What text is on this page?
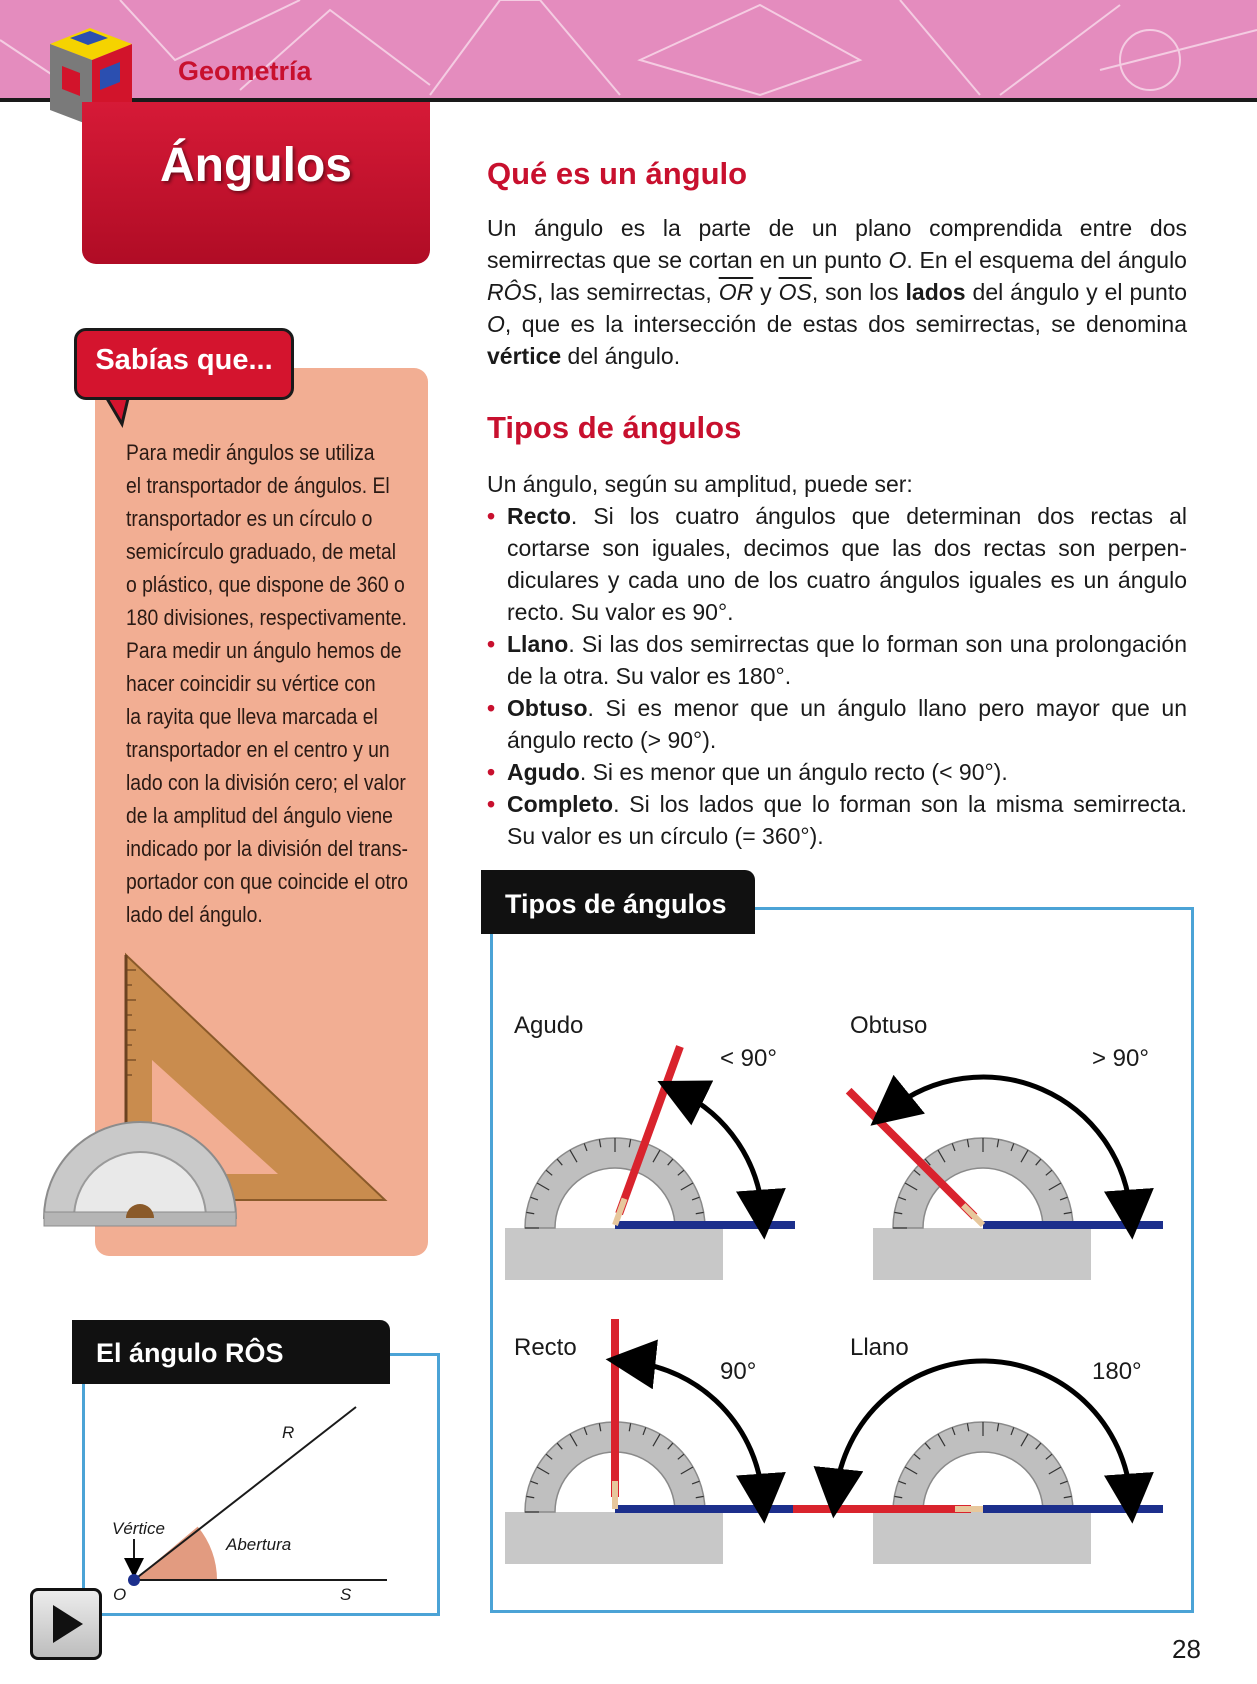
Geometría
Ángulos
Sabías que...
Para medir ángulos se utiliza
el transportador de ángulos. El
transportador es un círculo o
semicírculo graduado, de metal
o plástico, que dispone de 360 o
180 divisiones, respectivamente.
Para medir un ángulo hemos de
hacer coincidir su vértice con
la rayita que lleva marcada el
transportador en el centro y un
lado con la división cero; el valor
de la amplitud del ángulo viene
indicado por la división del trans-
portador con que coincide el otro
lado del ángulo.
Qué es un ángulo
Un ángulo es la parte de un plano comprendida entre dos semirrectas que se cortan en un punto O. En el esquema del ángulo RÔS, las semirrectas, $\overline{OR}$ y $\overline{OS}$, son los lados del ángulo y el punto O, que es la intersección de estas dos semirrectas, se denomina vértice del ángulo.
Tipos de ángulos
Un ángulo, según su amplitud, puede ser:
• Recto. Si los cuatro ángulos que determinan dos rectas al cortarse son iguales, decimos que las dos rectas son perpendiculares y cada uno de los cuatro ángulos iguales es un ángulo recto. Su valor es 90°.
• Llano. Si las dos semirrectas que lo forman son una prolongación de la otra. Su valor es 180°.
• Obtuso. Si es menor que un ángulo llano pero mayor que un ángulo recto (> 90°).
• Agudo. Si es menor que un ángulo recto (< 90°).
• Completo. Si los lados que lo forman son la misma semirrecta. Su valor es un círculo (= 360°).
Tipos de ángulos
Agudo
< 90°
Obtuso
> 90°
Recto
90°
Llano
180°
El ángulo RÔS
R
S
O
Vértice
Abertura
28
